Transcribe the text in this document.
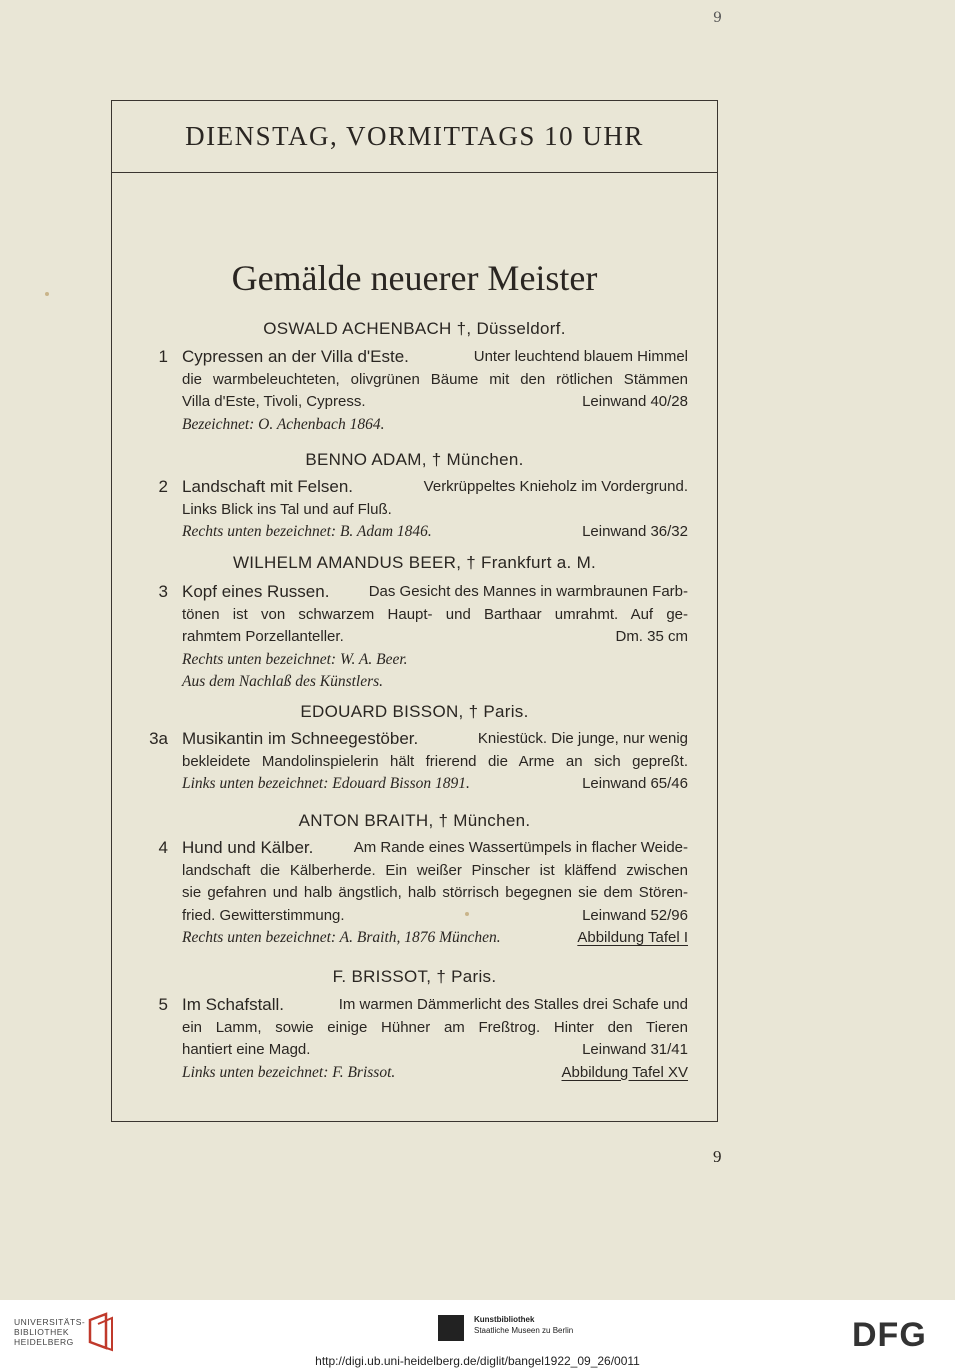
9
DIENSTAG, VORMITTAGS 10 UHR
Gemälde neuerer Meister
OSWALD ACHENBACH †, Düsseldorf.
1 Cypressen an der Villa d'Este.	Unter leuchtend blauem Himmel
die warmbeleuchteten, olivgrünen Bäume mit den rötlichen Stämmen
Villa d'Este, Tivoli, Cypress.	Leinwand 40/28
Bezeichnet: O. Achenbach 1864.
BENNO ADAM, † München.
2 Landschaft mit Felsen.	Verkrüppeltes Knieholz im Vordergrund.
Links Blick ins Tal und auf Fluß.
Rechts unten bezeichnet: B. Adam 1846.	Leinwand 36/32
WILHELM AMANDUS BEER, † Frankfurt a. M.
3 Kopf eines Russen.	Das Gesicht des Mannes in warmbraunen Farb-
tönen ist von schwarzem Haupt- und Barthaar umrahmt. Auf ge-
rahmtem Porzellanteller.	Dm. 35 cm
Rechts unten bezeichnet: W. A. Beer.
Aus dem Nachlaß des Künstlers.
EDOUARD BISSON, † Paris.
3a Musikantin im Schneegestöber.	Kniestück. Die junge, nur wenig
bekleidete Mandolinspielerin hält frierend die Arme an sich gepreßt.
Links unten bezeichnet: Edouard Bisson 1891.	Leinwand 65/46
ANTON BRAITH, † München.
4 Hund und Kälber.	Am Rande eines Wassertümpels in flacher Weide-
landschaft die Kälberherde. Ein weißer Pinscher ist kläffend zwischen
sie gefahren und halb ängstlich, halb störrisch begegnen sie dem Stören-
fried. Gewitterstimmung.	Leinwand 52/96
Rechts unten bezeichnet: A. Braith, 1876 München.	Abbildung Tafel I
F. BRISSOT, † Paris.
5 Im Schafstall.	Im warmen Dämmerlicht des Stalles drei Schafe und
ein Lamm, sowie einige Hühner am Freßtrog. Hinter den Tieren
hantiert eine Magd.	Leinwand 31/41
Links unten bezeichnet: F. Brissot.	Abbildung Tafel XV
9
UNIVERSITÄTS-
BIBLIOTHEK
HEIDELBERG
Kunstbibliothek
Staatliche Museen zu Berlin	DFG
http://digi.ub.uni-heidelberg.de/diglit/bangel1922_09_26/0011
